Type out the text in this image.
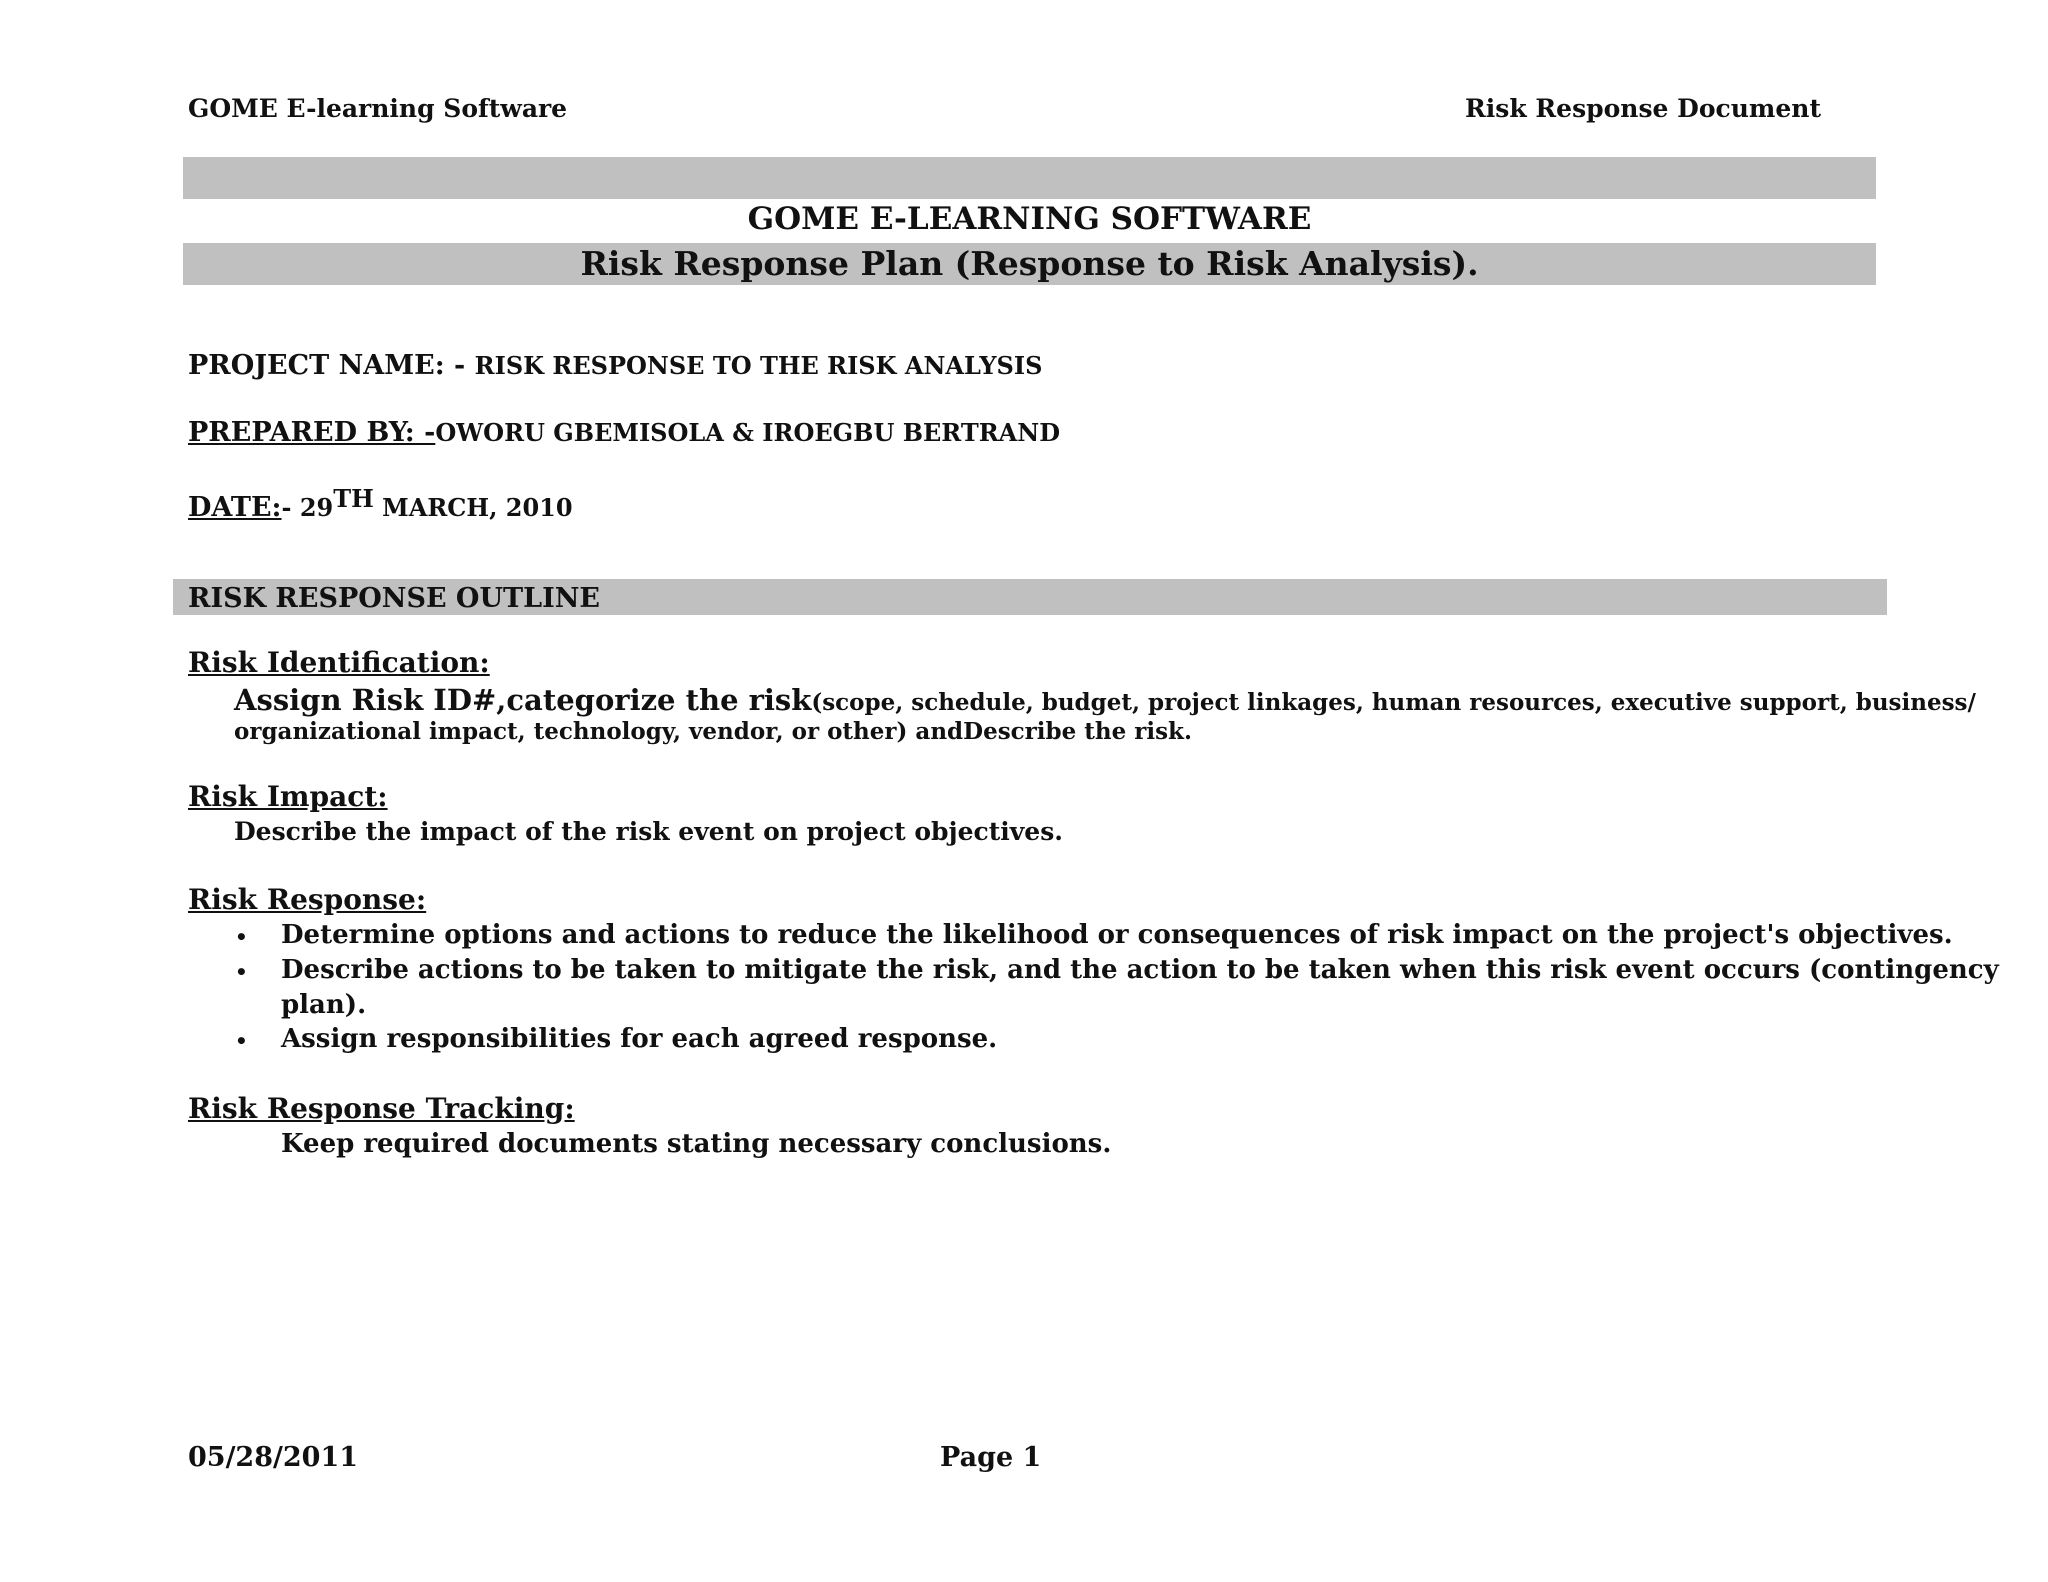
GOME E-learning Software	Risk Response Document
GOME E-LEARNING SOFTWARE
Risk Response Plan (Response to Risk Analysis).
PROJECT NAME: - RISK RESPONSE TO THE RISK ANALYSIS
PREPARED BY: -OWORU GBEMISOLA & IROEGBU BERTRAND
DATE:- 29TH MARCH, 2010
RISK RESPONSE OUTLINE
Risk Identification:
Assign Risk ID#,categorize the risk(scope, schedule, budget, project linkages, human resources, executive support, business/
organizational impact, technology, vendor, or other) andDescribe the risk.
Risk Impact:
Describe the impact of the risk event on project objectives.
Risk Response:
• Determine options and actions to reduce the likelihood or consequences of risk impact on the project's objectives.
• Describe actions to be taken to mitigate the risk, and the action to be taken when this risk event occurs (contingency
plan).
• Assign responsibilities for each agreed response.
Risk Response Tracking:
Keep required documents stating necessary conclusions.
05/28/2011	Page 1
